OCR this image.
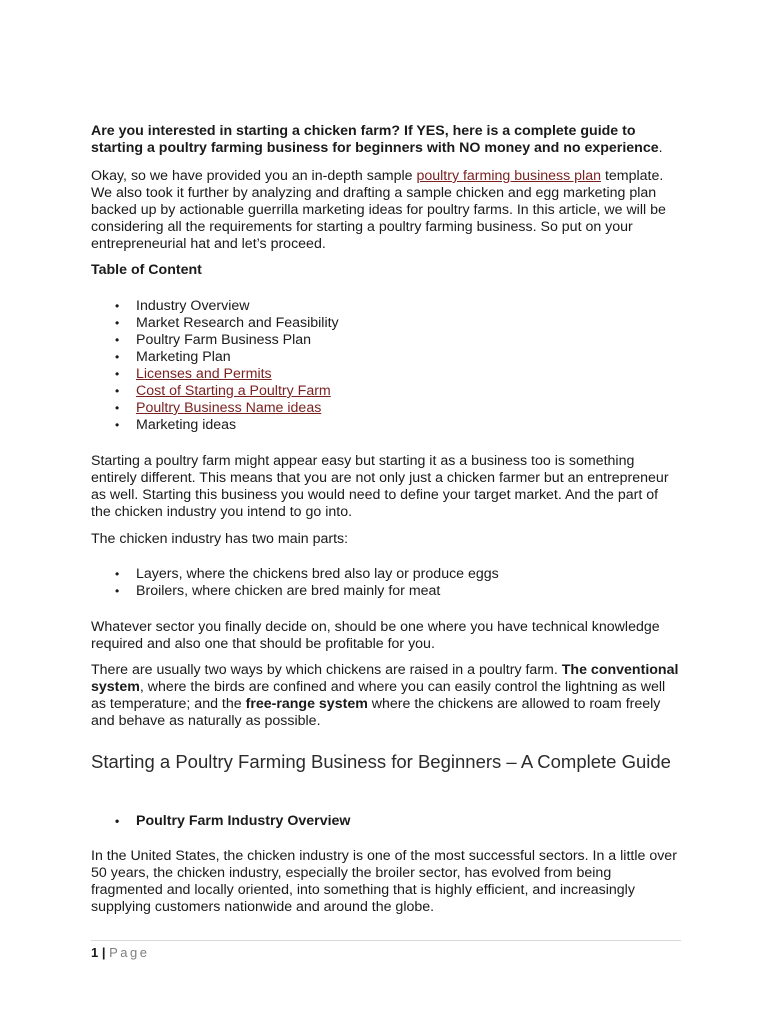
Are you interested in starting a chicken farm? If YES, here is a complete guide to starting a poultry farming business for beginners with NO money and no experience.

Okay, so we have provided you an in-depth sample poultry farming business plan template. We also took it further by analyzing and drafting a sample chicken and egg marketing plan backed up by actionable guerrilla marketing ideas for poultry farms. In this article, we will be considering all the requirements for starting a poultry farming business. So put on your entrepreneurial hat and let’s proceed.

Table of Content

• Industry Overview
• Market Research and Feasibility
• Poultry Farm Business Plan
• Marketing Plan
• Licenses and Permits
• Cost of Starting a Poultry Farm
• Poultry Business Name ideas
• Marketing ideas

Starting a poultry farm might appear easy but starting it as a business too is something entirely different. This means that you are not only just a chicken farmer but an entrepreneur as well. Starting this business you would need to define your target market. And the part of the chicken industry you intend to go into.

The chicken industry has two main parts:

• Layers, where the chickens bred also lay or produce eggs
• Broilers, where chicken are bred mainly for meat

Whatever sector you finally decide on, should be one where you have technical knowledge required and also one that should be profitable for you.

There are usually two ways by which chickens are raised in a poultry farm. The conventional system, where the birds are confined and where you can easily control the lightning as well as temperature; and the free-range system where the chickens are allowed to roam freely and behave as naturally as possible.

Starting a Poultry Farming Business for Beginners – A Complete Guide
• Poultry Farm Industry Overview

In the United States, the chicken industry is one of the most successful sectors. In a little over 50 years, the chicken industry, especially the broiler sector, has evolved from being fragmented and locally oriented, into something that is highly efficient, and increasingly supplying customers nationwide and around the globe.

1 | Page
